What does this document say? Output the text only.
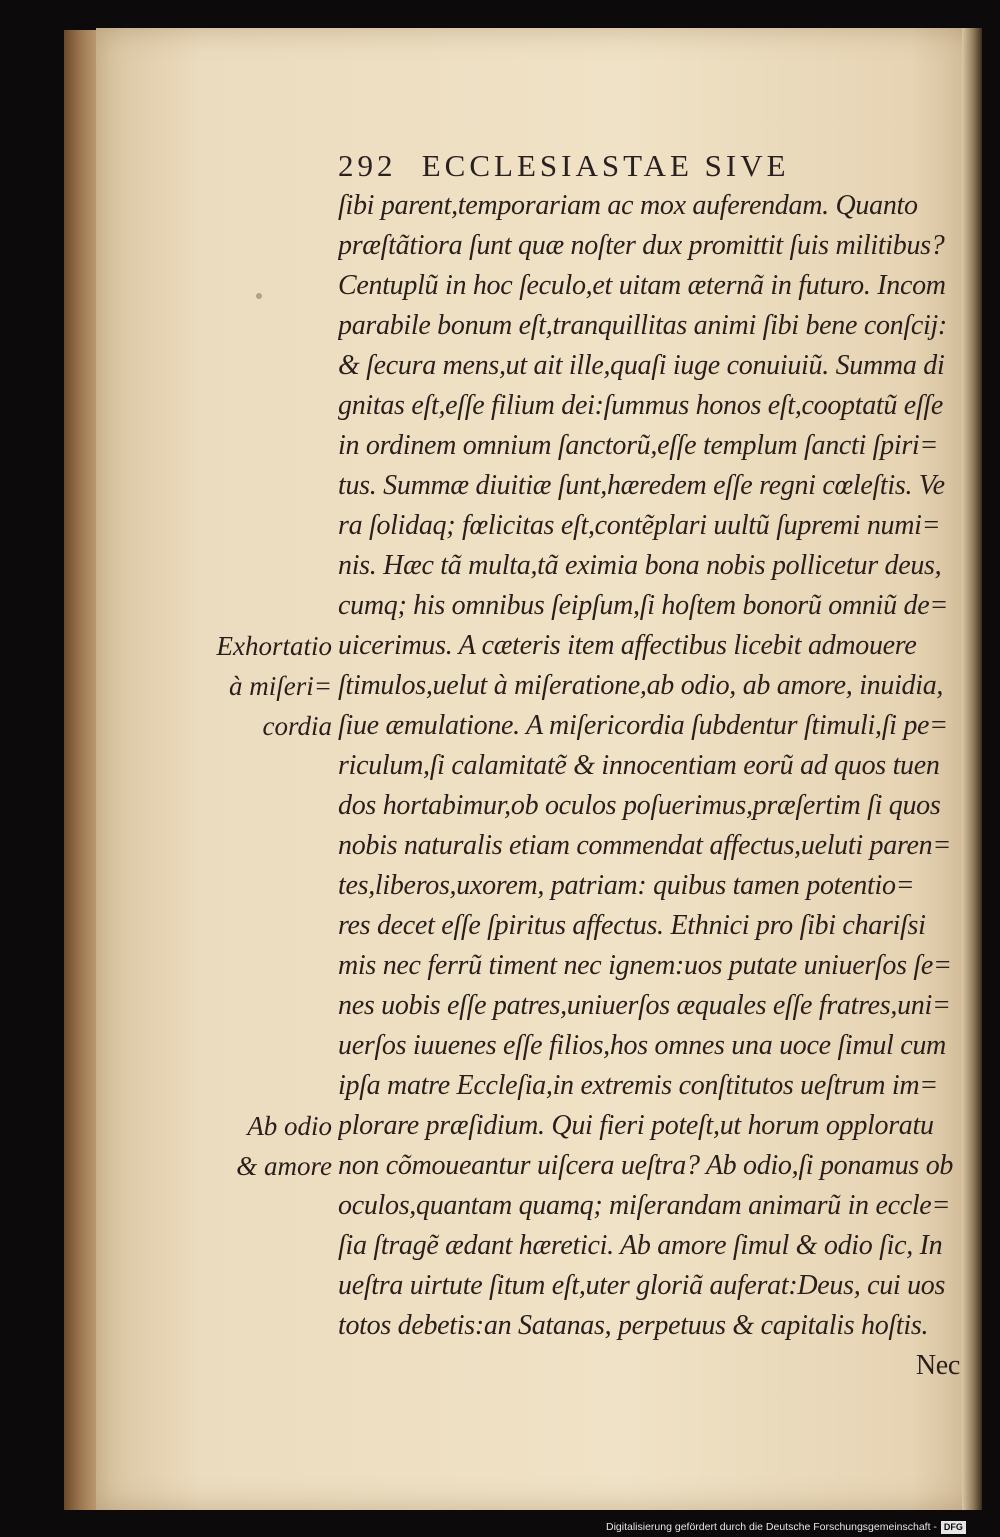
292 ECCLESIASTAE SIVE
ſibi parent,temporariam ac mox auferendam. Quanto
præſtãtiora ſunt quæ noſter dux promittit ſuis militibus?
Centuplũ in hoc ſeculo,et uitam æternã in futuro. Incom
parabile bonum eſt,tranquillitas animi ſibi bene conſcij:
& ſecura mens,ut ait ille,quaſi iuge conuiuiũ. Summa di
gnitas eſt,eſſe filium dei:ſummus honos eſt,cooptatũ eſſe
in ordinem omnium ſanctorũ,eſſe templum ſancti ſpiri=
tus. Summæ diuitiæ ſunt,hæredem eſſe regni cœleſtis. Ve
ra ſolidaq; fœlicitas eſt,contẽplari uultũ ſupremi numi=
nis. Hæc tã multa,tã eximia bona nobis pollicetur deus,
cumq; his omnibus ſeipſum,ſi hoſtem bonorũ omniũ de=
uicerimus. A cæteris item affectibus licebit admouere
ſtimulos,uelut à miſeratione,ab odio, ab amore, inuidia,
ſiue æmulatione. A miſericordia ſubdentur ſtimuli,ſi pe=
riculum,ſi calamitatẽ & innocentiam eorũ ad quos tuen
dos hortabimur,ob oculos poſuerimus,præſertim ſi quos
nobis naturalis etiam commendat affectus,ueluti paren=
tes,liberos,uxorem, patriam: quibus tamen potentio=
res decet eſſe ſpiritus affectus. Ethnici pro ſibi chariſsi
mis nec ferrũ timent nec ignem:uos putate uniuerſos ſe=
nes uobis eſſe patres,uniuerſos æquales eſſe fratres,uni=
uerſos iuuenes eſſe filios,hos omnes una uoce ſimul cum
ipſa matre Eccleſia,in extremis conſtitutos ueſtrum im=
plorare præſidium. Qui fieri poteſt,ut horum opploratu
non cõmoueantur uiſcera ueſtra? Ab odio,ſi ponamus ob
oculos,quantam quamq; miſerandam animarũ in eccle=
ſia ſtragẽ ædant hæretici. Ab amore ſimul & odio ſic, In
ueſtra uirtute ſitum eſt,uter gloriã auferat:Deus, cui uos
totos debetis:an Satanas, perpetuus & capitalis hoſtis.
Nec
Exhortatio
à miſeri=
cordia
Ab odio
& amore
Digitalisierung gefördert durch die Deutsche Forschungsgemeinschaft - DFG
